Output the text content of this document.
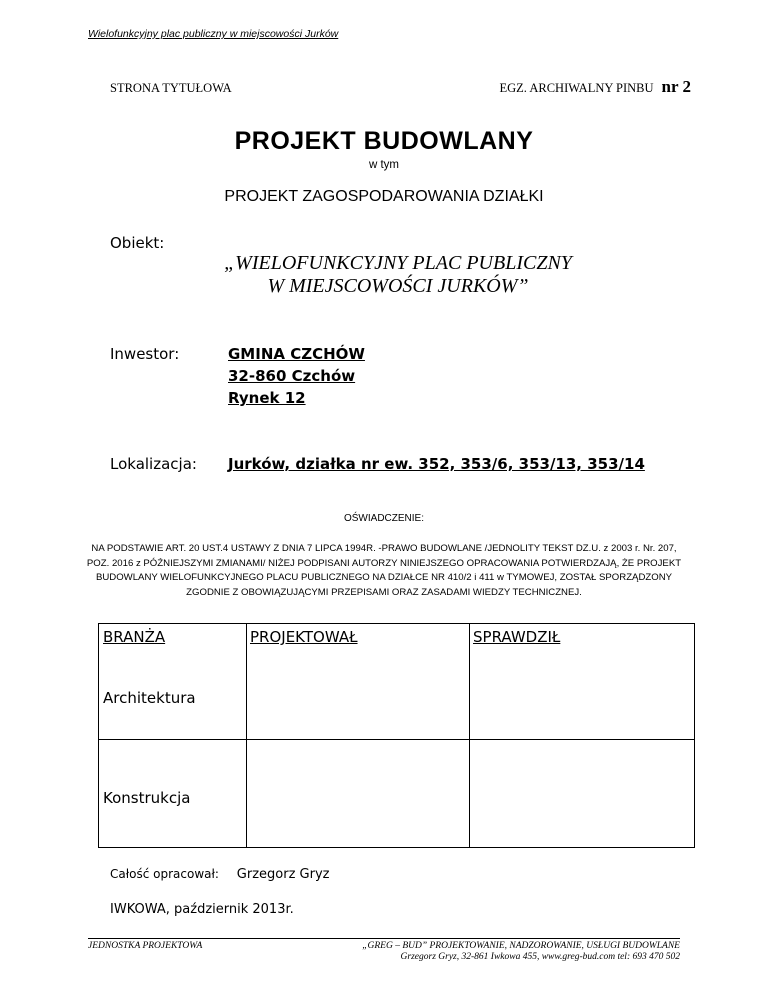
Wielofunkcyjny plac publiczny w miejscowości Jurków
STRONA TYTUŁOWA	EGZ. ARCHIWALNY PINBU nr 2
PROJEKT BUDOWLANY
w tym
PROJEKT ZAGOSPODAROWANIA DZIAŁKI
Obiekt:
„WIELOFUNKCYJNY PLAC PUBLICZNY
W MIEJSCOWOŚCI JURKÓW”
Inwestor:	GMINA CZCHÓW
32-860 Czchów
Rynek 12
Lokalizacja: Jurków, działka nr ew. 352, 353/6, 353/13, 353/14
OŚWIADCZENIE:
NA PODSTAWIE ART. 20 UST.4 USTAWY Z DNIA 7 LIPCA 1994R. -PRAWO BUDOWLANE /JEDNOLITY TEKST DZ.U. z 2003 r. Nr. 207, POZ. 2016 z PÓŹNIEJSZYMI ZMIANAMI/ NIŻEJ PODPISANI AUTORZY NINIEJSZEGO OPRACOWANIA POTWIERDZAJĄ, ŻE PROJEKT BUDOWLANY WIELOFUNKCYJNEGO PLACU PUBLICZNEGO NA DZIAŁCE NR 410/2 i 411 w TYMOWEJ, ZOSTAŁ SPORZĄDZONY ZGODNIE Z OBOWIĄZUJĄCYMI PRZEPISAMI ORAZ ZASADAMI WIEDZY TECHNICZNEJ.
BRANŻA	PROJEKTOWAŁ	SPRAWDZIŁ
Architektura
Konstrukcja
Całość opracował: Grzegorz Gryz
IWKOWA, październik 2013r.
JEDNOSTKA PROJEKTOWA	„GREG – BUD” PROJEKTOWANIE, NADZOROWANIE, USŁUGI BUDOWLANE
Grzegorz Gryz, 32-861 Iwkowa 455, www.greg-bud.com tel: 693 470 502
